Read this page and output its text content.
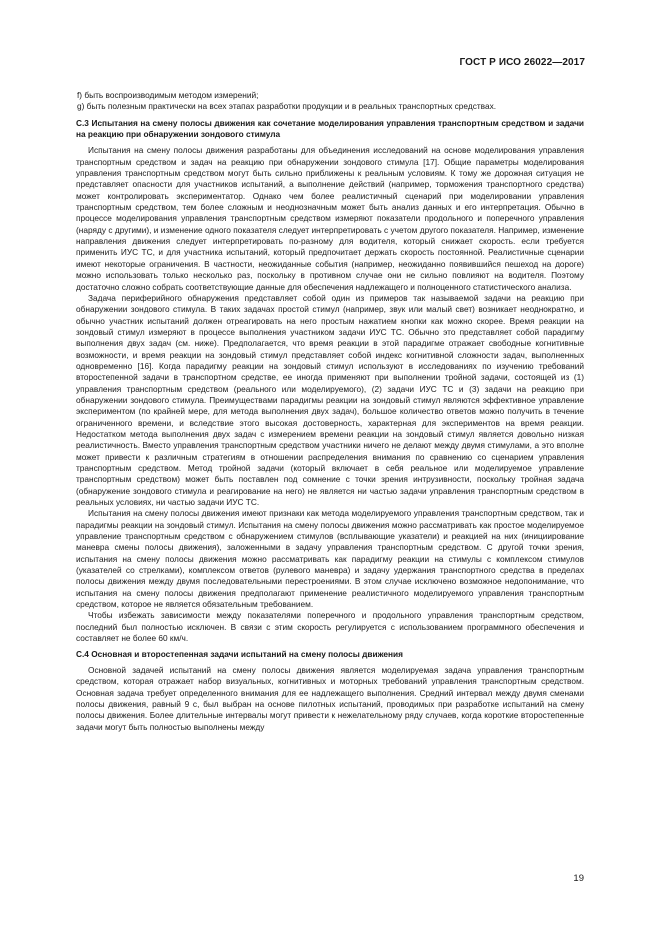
ГОСТ Р ИСО 26022—2017

f) быть воспроизводимым методом измерений;

g) быть полезным практически на всех этапах разработки продукции и в реальных транспортных средствах.

С.3 Испытания на смену полосы движения как сочетание моделирования управления транспортным средством и задачи на реакцию при обнаружении зондового стимула

Испытания на смену полосы движения разработаны для объединения исследований на основе моделирования управления транспортным средством и задач на реакцию при обнаружении зондового стимула [17]. Общие параметры моделирования управления транспортным средством могут быть сильно приближены к реальным условиям. К тому же дорожная ситуация не представляет опасности для участников испытаний, а выполнение действий (например, торможения транспортного средства) может контролировать экспериментатор. Однако чем более реалистичный сценарий при моделировании управления транспортным средством, тем более сложным и неоднозначным может быть анализ данных и его интерпретация. Обычно в процессе моделирования управления транспортным средством измеряют показатели продольного и поперечного управления (наряду с другими), и изменение одного показателя следует интерпретировать с учетом другого показателя. Например, изменение направления движения следует интерпретировать по-разному для водителя, который снижает скорость. если требуется применить ИУС ТС, и для участника испытаний, который предпочитает держать скорость постоянной. Реалистичные сценарии имеют некоторые ограничения. В частности, неожиданные события (например, неожиданно появившийся пешеход на дороге) можно использовать только несколько раз, поскольку в противном случае они не сильно повлияют на водителя. Поэтому достаточно сложно собрать соответствующие данные для обеспечения надлежащего и полноценного статистического анализа.

Задача периферийного обнаружения представляет собой один из примеров так называемой задачи на реакцию при обнаружении зондового стимула. В таких задачах простой стимул (например, звук или малый свет) возникает неоднократно, и обычно участник испытаний должен отреагировать на него простым нажатием кнопки как можно скорее. Время реакции на зондовый стимул измеряют в процессе выполнения участником задачи ИУС ТС. Обычно это представляет собой парадигму выполнения двух задач (см. ниже). Предполагается, что время реакции в этой парадигме отражает свободные когнитивные возможности, и время реакции на зондовый стимул представляет собой индекс когнитивной сложности задач, выполненных одновременно [16]. Когда парадигму реакции на зондовый стимул используют в исследованиях по изучению требований второстепенной задачи в транспортном средстве, ее иногда применяют при выполнении тройной задачи, состоящей из (1) управления транспортным средством (реального или моделируемого), (2) задачи ИУС ТС и (3) задачи на реакцию при обнаружении зондового стимула. Преимуществами парадигмы реакции на зондовый стимул являются эффективное управление экспериментом (по крайней мере, для метода выполнения двух задач), большое количество ответов можно получить в течение ограниченного времени, и вследствие этого высокая достоверность, характерная для экспериментов на время реакции. Недостатком метода выполнения двух задач с измерением времени реакции на зондовый стимул является довольно низкая реалистичность. Вместо управления транспортным средством участники ничего не делают между двумя стимулами, а это вполне может привести к различным стратегиям в отношении распределения внимания по сравнению со сценарием управления транспортным средством. Метод тройной задачи (который включает в себя реальное или моделируемое управление транспортным средством) может быть поставлен под сомнение с точки зрения интрузивности, поскольку тройная задача (обнаружение зондового стимула и реагирование на него) не является ни частью задачи управления транспортным средством в реальных условиях, ни частью задачи ИУС ТС.

Испытания на смену полосы движения имеют признаки как метода моделируемого управления транспортным средством, так и парадигмы реакции на зондовый стимул. Испытания на смену полосы движения можно рассматривать как простое моделируемое управление транспортным средством с обнаружением стимулов (всплывающие указатели) и реакцией на них (инициирование маневра смены полосы движения), заложенными в задачу управления транспортным средством. С другой точки зрения, испытания на смену полосы движения можно рассматривать как парадигму реакции на стимулы с комплексом стимулов (указателей со стрелками), комплексом ответов (рулевого маневра) и задачу удержания транспортного средства в пределах полосы движения между двумя последовательными перестроениями. В этом случае исключено возможное недопонимание, что испытания на смену полосы движения предполагают применение реалистичного моделируемого управления транспортным средством, которое не является обязательным требованием.

Чтобы избежать зависимости между показателями поперечного и продольного управления транспортным средством, последний был полностью исключен. В связи с этим скорость регулируется с использованием программного обеспечения и составляет не более 60 км/ч.

С.4 Основная и второстепенная задачи испытаний на смену полосы движения

Основной задачей испытаний на смену полосы движения является моделируемая задача управления транспортным средством, которая отражает набор визуальных, когнитивных и моторных требований управления транспортным средством. Основная задача требует определенного внимания для ее надлежащего выполнения. Средний интервал между двумя сменами полосы движения, равный 9 с, был выбран на основе пилотных испытаний, проводимых при разработке испытаний на смену полосы движения. Более длительные интервалы могут привести к нежелательному ряду случаев, когда короткие второстепенные задачи могут быть полностью выполнены между

19
